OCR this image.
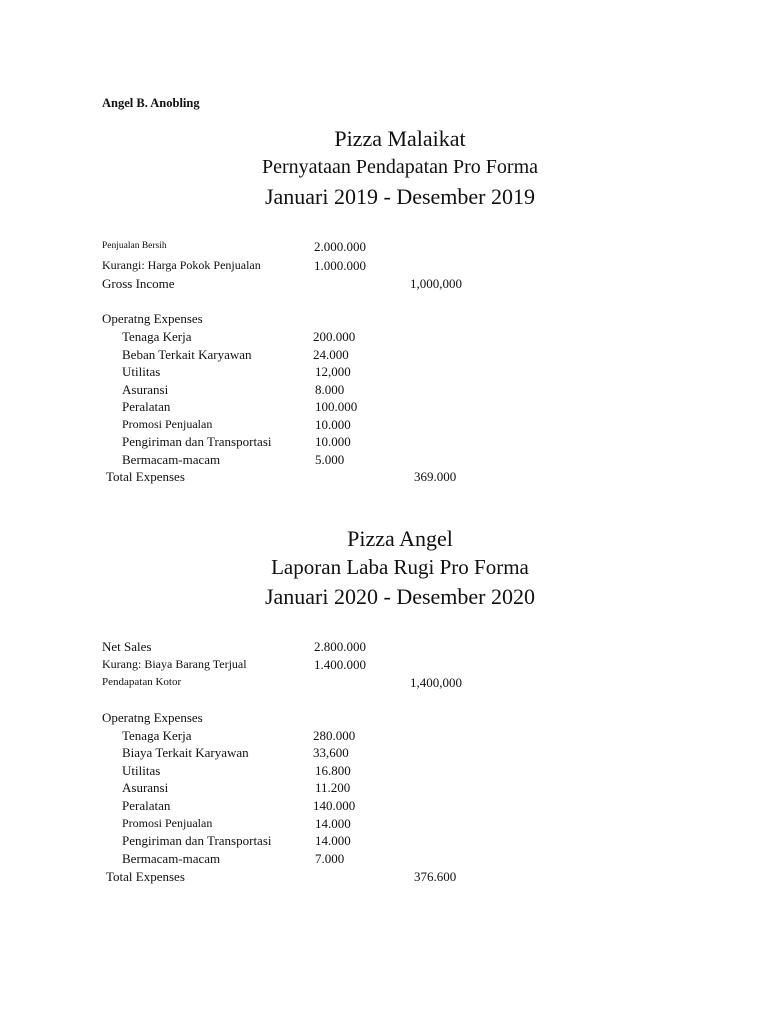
Angel B. Anobling
Pizza Malaikat
Pernyataan Pendapatan Pro Forma
Januari 2019 - Desember 2019
Penjualan Bersih	2.000.000
Kurangi: Harga Pokok Penjualan	1.000.000
Gross Income	1,000,000
Operatng Expenses
Tenaga Kerja	200.000
Beban Terkait Karyawan	24.000
Utilitas	12,000
Asuransi	8.000
Peralatan	100.000
Promosi Penjualan	10.000
Pengiriman dan Transportasi	10.000
Bermacam-macam	5.000
Total Expenses	369.000
Pizza Angel
Laporan Laba Rugi Pro Forma
Januari 2020 - Desember 2020
Net Sales	2.800.000
Kurang: Biaya Barang Terjual	1.400.000
Pendapatan Kotor	1,400,000
Operatng Expenses
Tenaga Kerja	280.000
Biaya Terkait Karyawan	33,600
Utilitas	16.800
Asuransi	11.200
Peralatan	140.000
Promosi Penjualan	14.000
Pengiriman dan Transportasi	14.000
Bermacam-macam	7.000
Total Expenses	376.600
